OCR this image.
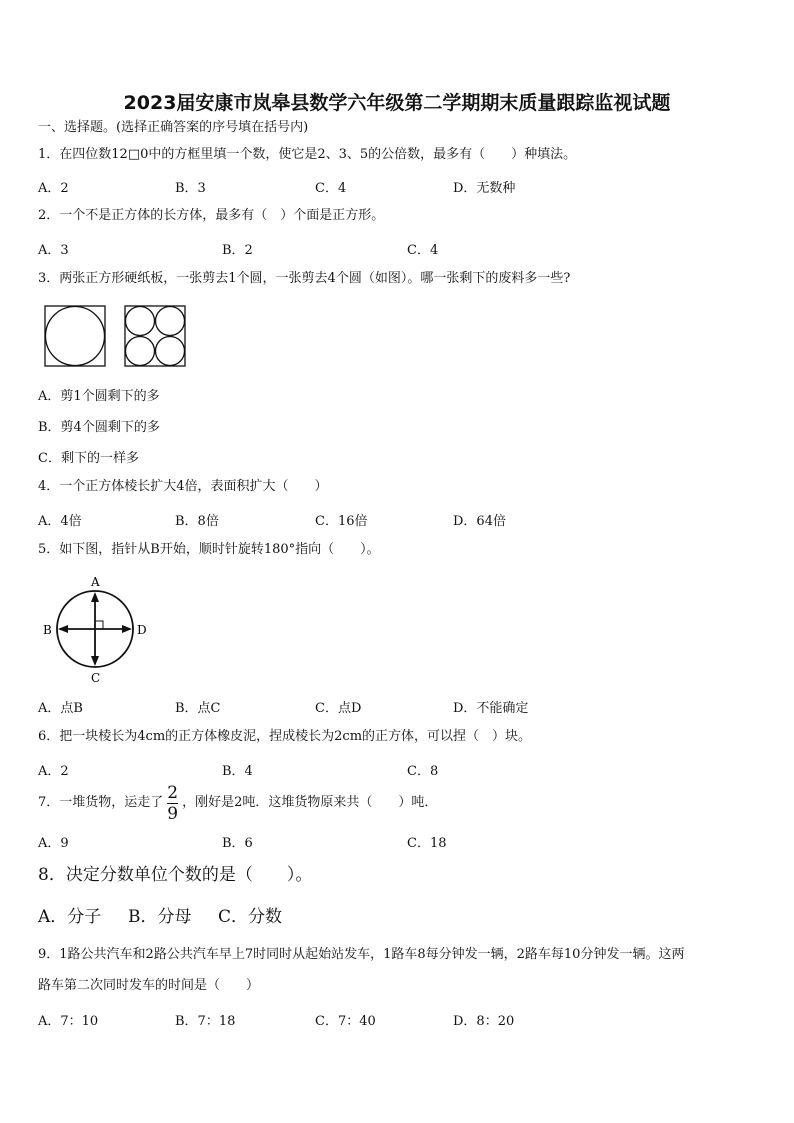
2023届安康市岚皋县数学六年级第二学期期末质量跟踪监视试题
一、选择题。(选择正确答案的序号填在括号内)
1．在四位数12□0中的方框里填一个数，使它是2、3、5的公倍数，最多有（　　）种填法。
A．2	B．3	C．4	D．无数种
2．一个不是正方体的长方体，最多有（　）个面是正方形。
A．3	B．2	C．4
3．两张正方形硬纸板，一张剪去1个圆，一张剪去4个圆（如图）。哪一张剩下的废料多一些?
A．剪1个圆剩下的多
B．剪4个圆剩下的多
C．剩下的一样多
4．一个正方体棱长扩大4倍，表面积扩大（　　）
A．4倍	B．8倍	C．16倍	D．64倍
5．如下图，指针从B开始，顺时针旋转180°指向（　　）。
A
B
C
D
A．点B	B．点C	C．点D	D．不能确定
6．把一块棱长为4cm的正方体橡皮泥，捏成棱长为2cm的正方体，可以捏（　）块。
A．2	B．4	C．8
7．一堆货物，运走了 $\frac{2}{9}$ ，刚好是2吨．这堆货物原来共（　　）吨．
A．9	B．6	C．18
8．决定分数单位个数的是（　　）。
A．分子 B．分母 C．分数
9．1路公共汽车和2路公共汽车早上7时同时从起始站发车，1路车8每分钟发一辆，2路车每10分钟发一辆。这两
路车第二次同时发车的时间是（　　）
A．7：10	B．7：18	C．7：40	D．8：20
